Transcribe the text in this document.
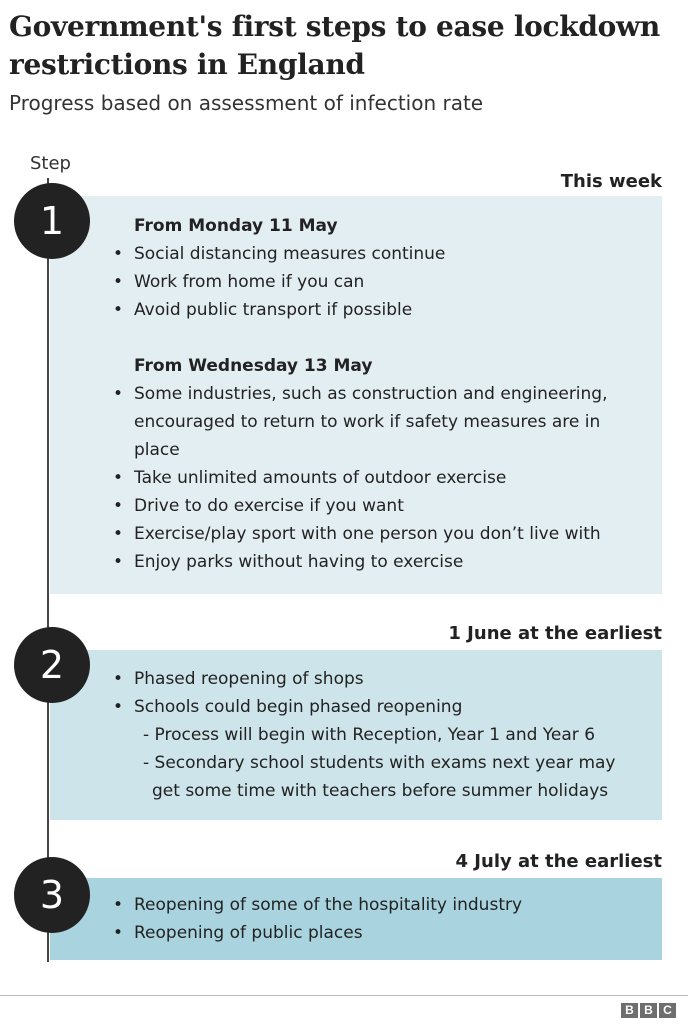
Government's first steps to ease lockdown
restrictions in England
Progress based on assessment of infection rate
Step
This week
1	From Monday 11 May
• Social distancing measures continue
• Work from home if you can
• Avoid public transport if possible
From Wednesday 13 May
• Some industries, such as construction and engineering,
encouraged to return to work if safety measures are in
place
• Take unlimited amounts of outdoor exercise
• Drive to do exercise if you want
• Exercise/play sport with one person you don’t live with
• Enjoy parks without having to exercise
1 June at the earliest
2	• Phased reopening of shops
• Schools could begin phased reopening
- Process will begin with Reception, Year 1 and Year 6
- Secondary school students with exams next year may
get some time with teachers before summer holidays
4 July at the earliest
3	• Reopening of some of the hospitality industry
• Reopening of public places
B B C
